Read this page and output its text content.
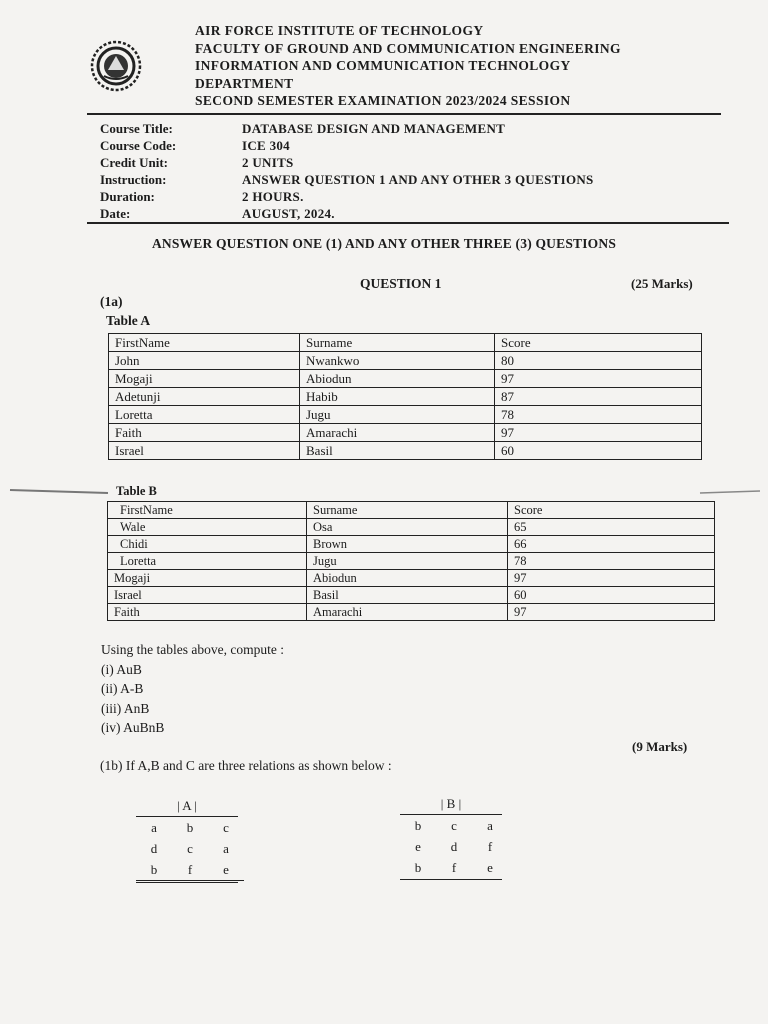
AIR FORCE INSTITUTE OF TECHNOLOGY
FACULTY OF GROUND AND COMMUNICATION ENGINEERING
INFORMATION AND COMMUNICATION TECHNOLOGY
DEPARTMENT
SECOND SEMESTER EXAMINATION 2023/2024 SESSION
Course Title:	DATABASE DESIGN AND MANAGEMENT
Course Code:	ICE 304
Credit Unit:	2 UNITS
Instruction:	ANSWER QUESTION 1 AND ANY OTHER 3 QUESTIONS
Duration:	2 HOURS.
Date:	AUGUST, 2024.
ANSWER QUESTION ONE (1) AND ANY OTHER THREE (3) QUESTIONS
QUESTION 1	(25 Marks)
(1a)
Table A
FirstName	Surname	Score
John	Nwankwo	80
Mogaji	Abiodun	97
Adetunji	Habib	87
Loretta	Jugu	78
Faith	Amarachi	97
Israel	Basil	60
Table B
FirstName	Surname	Score
Wale	Osa	65
Chidi	Brown	66
Loretta	Jugu	78
Mogaji	Abiodun	97
Israel	Basil	60
Faith	Amarachi	97
Using the tables above, compute :
(i) AuB
(ii) A-B
(iii) AnB
(iv) AuBnB
(9 Marks)
(1b) If A,B and C are three relations as shown below :
| A |
a	b	c
d	c	a
b	f	e
| B |
b	c	a
e	d	f
b	f	e
